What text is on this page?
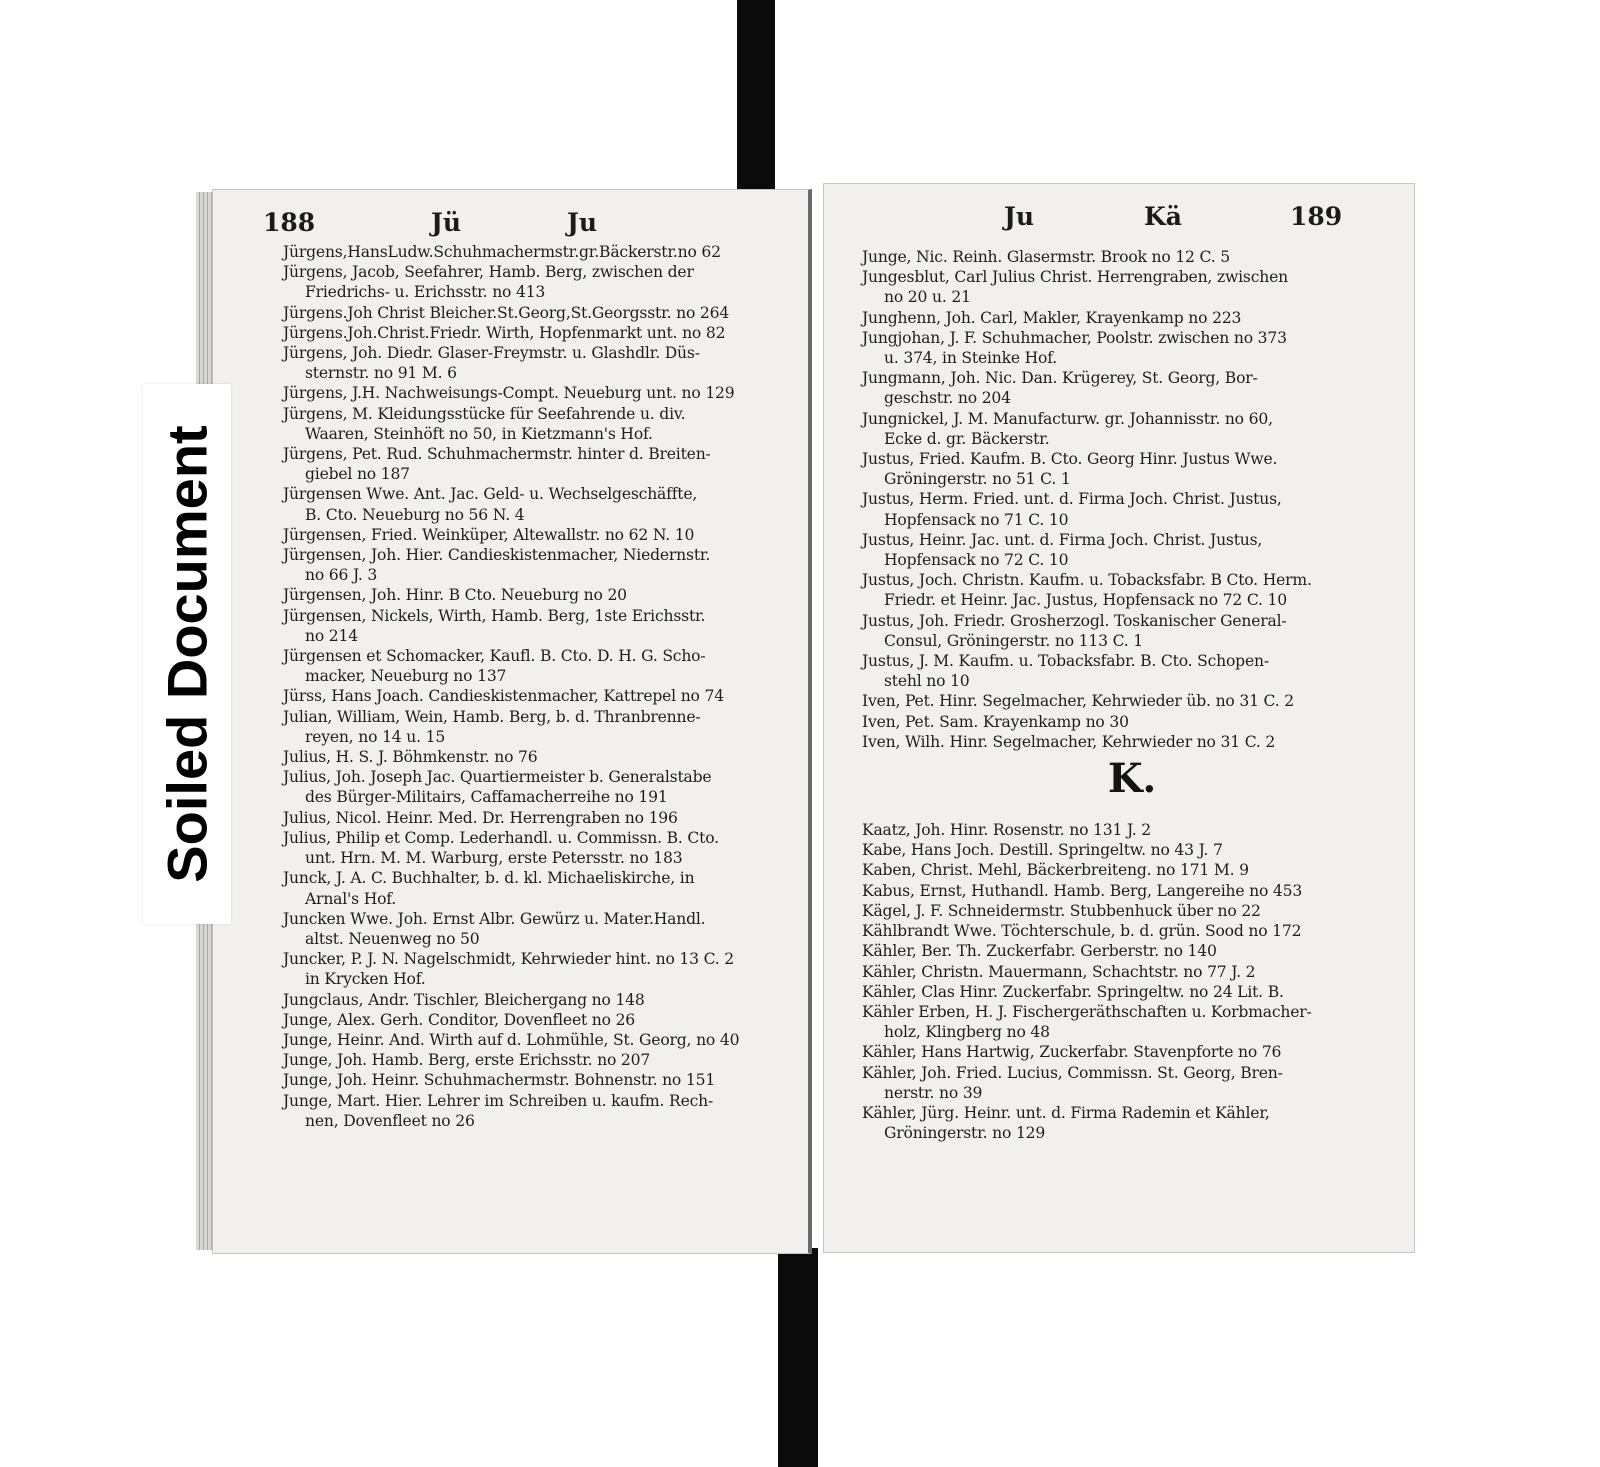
188	Jü	Ju
Jürgens,HansLudw.Schuhmachermstr.gr.Bäckerstr.no 62
Jürgens, Jacob, Seefahrer, Hamb. Berg, zwischen der
Friedrichs- u. Erichsstr. no 413
Jürgens.Joh Christ Bleicher.St.Georg,St.Georgsstr. no 264
Jürgens.Joh.Christ.Friedr. Wirth, Hopfenmarkt unt. no 82
Jürgens, Joh. Diedr. Glaser-Freymstr. u. Glashdlr. Düs-
sternstr. no 91 M. 6
Jürgens, J.H. Nachweisungs-Compt. Neueburg unt. no 129
Jürgens, M. Kleidungsstücke für Seefahrende u. div.
Waaren, Steinhöft no 50, in Kietzmann's Hof.
Jürgens, Pet. Rud. Schuhmachermstr. hinter d. Breiten-
giebel no 187
Jürgensen Wwe. Ant. Jac. Geld- u. Wechselgeschäffte,
B. Cto. Neueburg no 56 N. 4
Jürgensen, Fried. Weinküper, Altewallstr. no 62 N. 10
Jürgensen, Joh. Hier. Candieskistenmacher, Niedernstr.
no 66 J. 3
Jürgensen, Joh. Hinr. B Cto. Neueburg no 20
Jürgensen, Nickels, Wirth, Hamb. Berg, 1ste Erichsstr.
no 214
Jürgensen et Schomacker, Kaufl. B. Cto. D. H. G. Scho-
macker, Neueburg no 137
Jürss, Hans Joach. Candieskistenmacher, Kattrepel no 74
Julian, William, Wein, Hamb. Berg, b. d. Thranbrenne-
reyen, no 14 u. 15
Julius, H. S. J. Böhmkenstr. no 76
Julius, Joh. Joseph Jac. Quartiermeister b. Generalstabe
des Bürger-Militairs, Caffamacherreihe no 191
Julius, Nicol. Heinr. Med. Dr. Herrengraben no 196
Julius, Philip et Comp. Lederhandl. u. Commissn. B. Cto.
unt. Hrn. M. M. Warburg, erste Petersstr. no 183
Junck, J. A. C. Buchhalter, b. d. kl. Michaeliskirche, in
Arnal's Hof.
Juncken Wwe. Joh. Ernst Albr. Gewürz u. Mater.Handl.
altst. Neuenweg no 50
Juncker, P. J. N. Nagelschmidt, Kehrwieder hint. no 13 C. 2
in Krycken Hof.
Jungclaus, Andr. Tischler, Bleichergang no 148
Junge, Alex. Gerh. Conditor, Dovenfleet no 26
Junge, Heinr. And. Wirth auf d. Lohmühle, St. Georg, no 40
Junge, Joh. Hamb. Berg, erste Erichsstr. no 207
Junge, Joh. Heinr. Schuhmachermstr. Bohnenstr. no 151
Junge, Mart. Hier. Lehrer im Schreiben u. kaufm. Rech-
nen, Dovenfleet no 26
Ju	Kä	189
Junge, Nic. Reinh. Glasermstr. Brook no 12 C. 5
Jungesblut, Carl Julius Christ. Herrengraben, zwischen
no 20 u. 21
Junghenn, Joh. Carl, Makler, Krayenkamp no 223
Jungjohan, J. F. Schuhmacher, Poolstr. zwischen no 373
u. 374, in Steinke Hof.
Jungmann, Joh. Nic. Dan. Krügerey, St. Georg, Bor-
geschstr. no 204
Jungnickel, J. M. Manufacturw. gr. Johannisstr. no 60,
Ecke d. gr. Bäckerstr.
Justus, Fried. Kaufm. B. Cto. Georg Hinr. Justus Wwe.
Gröningerstr. no 51 C. 1
Justus, Herm. Fried. unt. d. Firma Joch. Christ. Justus,
Hopfensack no 71 C. 10
Justus, Heinr. Jac. unt. d. Firma Joch. Christ. Justus,
Hopfensack no 72 C. 10
Justus, Joch. Christn. Kaufm. u. Tobacksfabr. B Cto. Herm.
Friedr. et Heinr. Jac. Justus, Hopfensack no 72 C. 10
Justus, Joh. Friedr. Grosherzogl. Toskanischer General-
Consul, Gröningerstr. no 113 C. 1
Justus, J. M. Kaufm. u. Tobacksfabr. B. Cto. Schopen-
stehl no 10
Iven, Pet. Hinr. Segelmacher, Kehrwieder üb. no 31 C. 2
Iven, Pet. Sam. Krayenkamp no 30
Iven, Wilh. Hinr. Segelmacher, Kehrwieder no 31 C. 2
K.
Kaatz, Joh. Hinr. Rosenstr. no 131 J. 2
Kabe, Hans Joch. Destill. Springeltw. no 43 J. 7
Kaben, Christ. Mehl, Bäckerbreiteng. no 171 M. 9
Kabus, Ernst, Huthandl. Hamb. Berg, Langereihe no 453
Kägel, J. F. Schneidermstr. Stubbenhuck über no 22
Kählbrandt Wwe. Töchterschule, b. d. grün. Sood no 172
Kähler, Ber. Th. Zuckerfabr. Gerberstr. no 140
Kähler, Christn. Mauermann, Schachtstr. no 77 J. 2
Kähler, Clas Hinr. Zuckerfabr. Springeltw. no 24 Lit. B.
Kähler Erben, H. J. Fischergeräthschaften u. Korbmacher-
holz, Klingberg no 48
Kähler, Hans Hartwig, Zuckerfabr. Stavenpforte no 76
Kähler, Joh. Fried. Lucius, Commissn. St. Georg, Bren-
nerstr. no 39
Kähler, Jürg. Heinr. unt. d. Firma Rademin et Kähler,
Gröningerstr. no 129
Soiled Document
